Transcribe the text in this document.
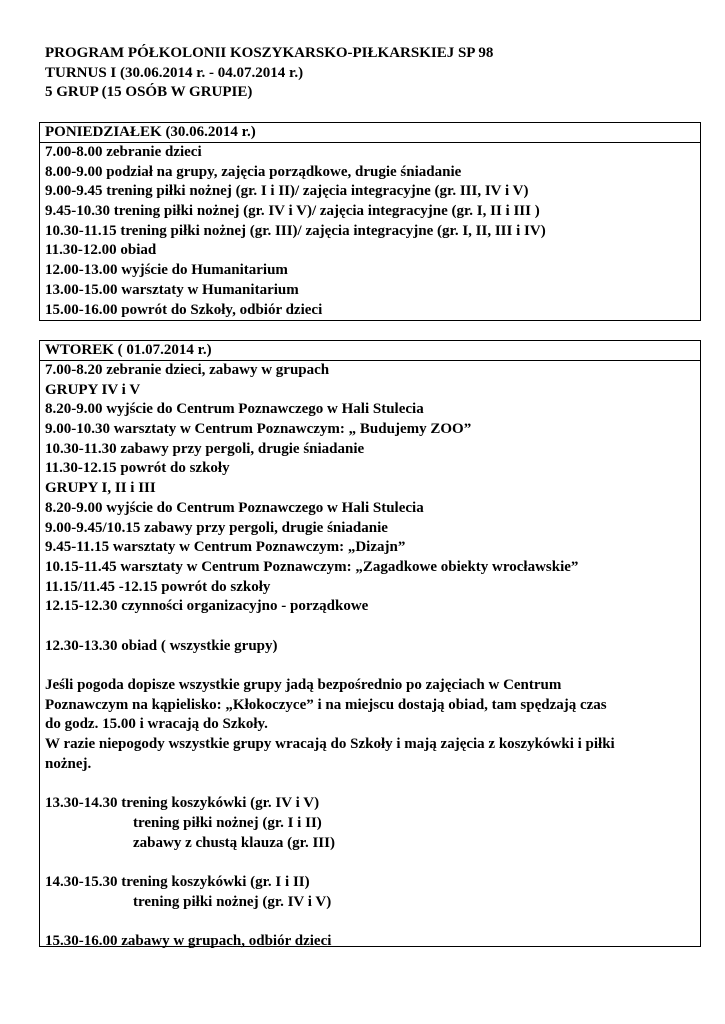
PROGRAM PÓŁKOLONII KOSZYKARSKO-PIŁKARSKIEJ SP 98
TURNUS I (30.06.2014 r. - 04.07.2014 r.)
5 GRUP (15 OSÓB W GRUPIE)
PONIEDZIAŁEK (30.06.2014 r.)
7.00-8.00 zebranie dzieci
8.00-9.00 podział na grupy, zajęcia porządkowe, drugie śniadanie
9.00-9.45 trening piłki nożnej (gr. I i II)/ zajęcia integracyjne (gr. III, IV i V)
9.45-10.30 trening piłki nożnej (gr. IV i V)/ zajęcia integracyjne (gr. I, II i III )
10.30-11.15 trening piłki nożnej (gr. III)/ zajęcia integracyjne (gr. I, II, III i IV)
11.30-12.00 obiad
12.00-13.00 wyjście do Humanitarium
13.00-15.00 warsztaty w Humanitarium
15.00-16.00 powrót do Szkoły, odbiór dzieci
WTOREK ( 01.07.2014 r.)
7.00-8.20 zebranie dzieci, zabawy w grupach
GRUPY IV i V
8.20-9.00 wyjście do Centrum Poznawczego w Hali Stulecia
9.00-10.30 warsztaty w Centrum Poznawczym: „ Budujemy ZOO”
10.30-11.30 zabawy przy pergoli, drugie śniadanie
11.30-12.15 powrót do szkoły
GRUPY I, II i III
8.20-9.00 wyjście do Centrum Poznawczego w Hali Stulecia
9.00-9.45/10.15 zabawy przy pergoli, drugie śniadanie
9.45-11.15 warsztaty w Centrum Poznawczym: „Dizajn”
10.15-11.45 warsztaty w Centrum Poznawczym: „Zagadkowe obiekty wrocławskie”
11.15/11.45 -12.15 powrót do szkoły
12.15-12.30 czynności organizacyjno - porządkowe
12.30-13.30 obiad ( wszystkie grupy)
Jeśli pogoda dopisze wszystkie grupy jadą bezpośrednio po zajęciach w Centrum
Poznawczym na kąpielisko: „Kłokoczyce” i na miejscu dostają obiad, tam spędzają czas
do godz. 15.00 i wracają do Szkoły.
W razie niepogody wszystkie grupy wracają do Szkoły i mają zajęcia z koszykówki i piłki
nożnej.
13.30-14.30 trening koszykówki (gr. IV i V)
trening piłki nożnej (gr. I i II)
zabawy z chustą klauza (gr. III)
14.30-15.30 trening koszykówki (gr. I i II)
trening piłki nożnej (gr. IV i V)
15.30-16.00 zabawy w grupach, odbiór dzieci
